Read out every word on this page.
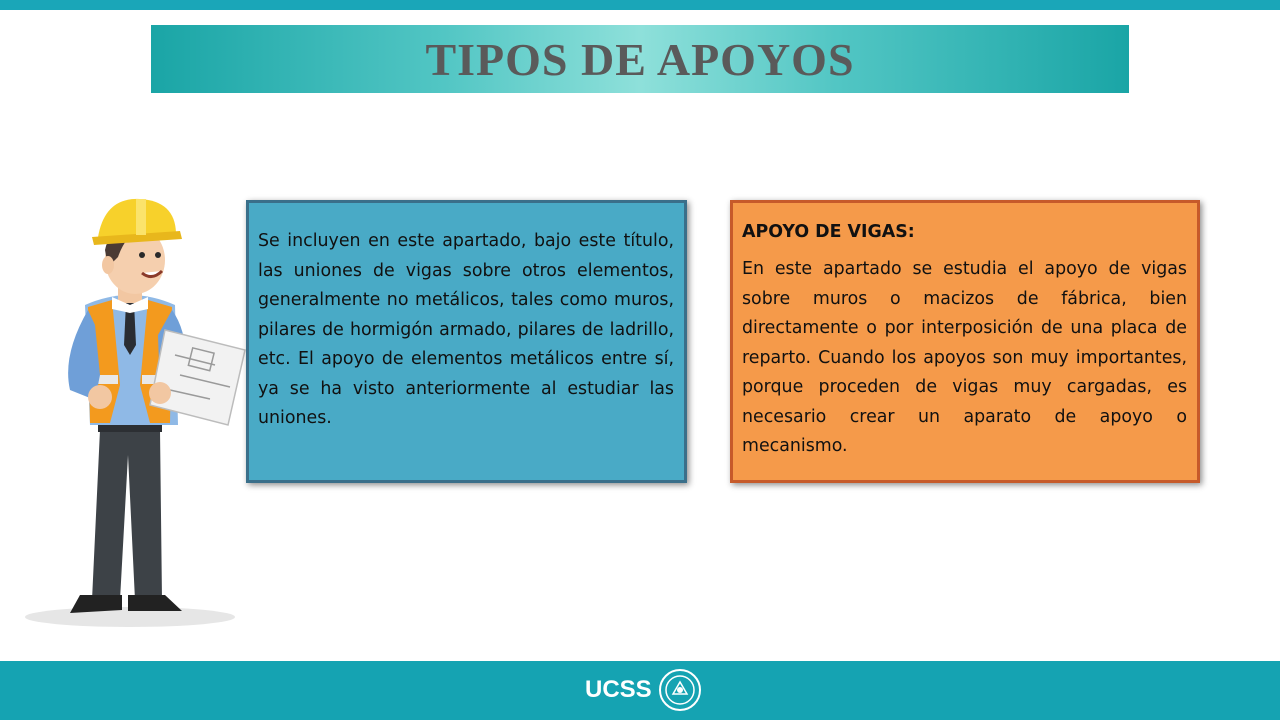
TIPOS DE APOYOS

Se incluyen en este apartado, bajo este título, las uniones de vigas sobre otros elementos, generalmente no metálicos, tales como muros, pilares de hormigón armado, pilares de ladrillo, etc. El apoyo de elementos metálicos entre sí, ya se ha visto anteriormente al estudiar las uniones.

APOYO DE VIGAS:

En este apartado se estudia el apoyo de vigas sobre muros o macizos de fábrica, bien directamente o por interposición de una placa de reparto. Cuando los apoyos son muy importantes, porque proceden de vigas muy cargadas, es necesario crear un aparato de apoyo o mecanismo.

UCSS
